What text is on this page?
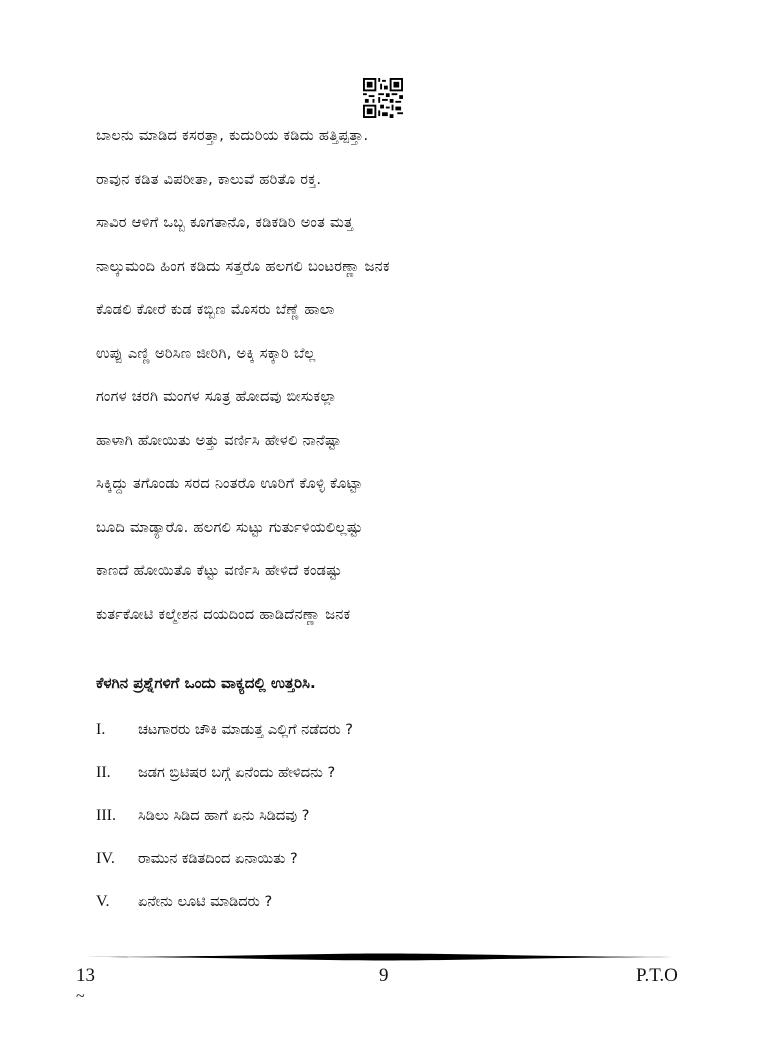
ಬಾಲನು ಮಾಡಿದ ಕಸರತ್ತಾ, ಕುದುರಿಯ ಕಡಿದು ಹತ್ತಿಪ್ಪತ್ತಾ.
ರಾವುನ ಕಡಿತ ವಿಪರೀತಾ, ಕಾಲುವೆ ಹರಿತೊ ರಕ್ತ.
ಸಾವಿರ ಆಳಿಗೆ ಒಬ್ಬ ಕೂಗತಾನೊ, ಕಡಿಕಡಿರಿ ಅಂತ ಮತ್ತ
ನಾಲ್ಕುಮಂದಿ ಹಿಂಗ ಕಡಿದು ಸತ್ತರೊ ಹಲಗಲಿ ಬಂಟರಣ್ಣಾ ಜನಕ
ಕೊಡಲಿ ಕೋರೆ ಕುಡ ಕಬ್ಬಿಣ ಮೊಸರು ಬೆಣ್ಣೆ ಹಾಲಾ
ಉಪ್ಪು ಎಣ್ಣಿ ಅರಿಸಿಣ ಜೀರಿಗಿ, ಅಕ್ಕಿ ಸಕ್ಕಾರಿ ಬೆಲ್ಲ
ಗಂಗಳ ಚರಗಿ ಮಂಗಳ ಸೂತ್ರ ಹೋದವು ಬೀಸುಕಲ್ಲಾ
ಹಾಳಾಗಿ ಹೋಯಿತು ಅತ್ತು ವರ್ಣಿಸಿ ಹೇಳಲಿ ನಾನೆಷ್ಟಾ
ಸಿಕ್ಕಿದ್ದು ತಗೊಂಡು ಸರದ ನಿಂತರೊ ಊರಿಗೆ ಕೊಳ್ಳಿ ಕೊಟ್ಟಾ
ಬೂದಿ ಮಾಡ್ಯಾರೊ. ಹಲಗಲಿ ಸುಟ್ಟು ಗುರ್ತುಳಿಯಲಿಲ್ಲಷ್ಟು
ಕಾಣದೆ ಹೋಯಿತೊ ಕೆಟ್ಟು ವರ್ಣಿಸಿ ಹೇಳಿದೆ ಕಂಡಷ್ಟು
ಕುರ್ತಕೋಟಿ ಕಲ್ಮೇಶನ ದಯದಿಂದ ಹಾಡಿದೆನಣ್ಣಾ ಜನಕ
ಕೆಳಗಿನ ಪ್ರಶ್ನೆಗಳಿಗೆ ಒಂದು ವಾಕ್ಯದಲ್ಲಿ ಉತ್ತರಿಸಿ.
I.	ಚಟಗಾರರು ಚೌಕಿ ಮಾಡುತ್ತ ಎಲ್ಲಿಗೆ ನಡೆದರು ?
II.	ಜಡಗ ಬ್ರಿಟಿಷರ ಬಗ್ಗೆ ಏನೆಂದು ಹೇಳಿದನು ?
III.	ಸಿಡಿಲು ಸಿಡಿದ ಹಾಗೆ ಏನು ಸಿಡಿದವು ?
IV.	ರಾಮುನ ಕಡಿತದಿಂದ ಏನಾಯಿತು ?
V.	ಏನೇನು ಲೂಟಿ ಮಾಡಿದರು ?
13	9	P.T.O
~
